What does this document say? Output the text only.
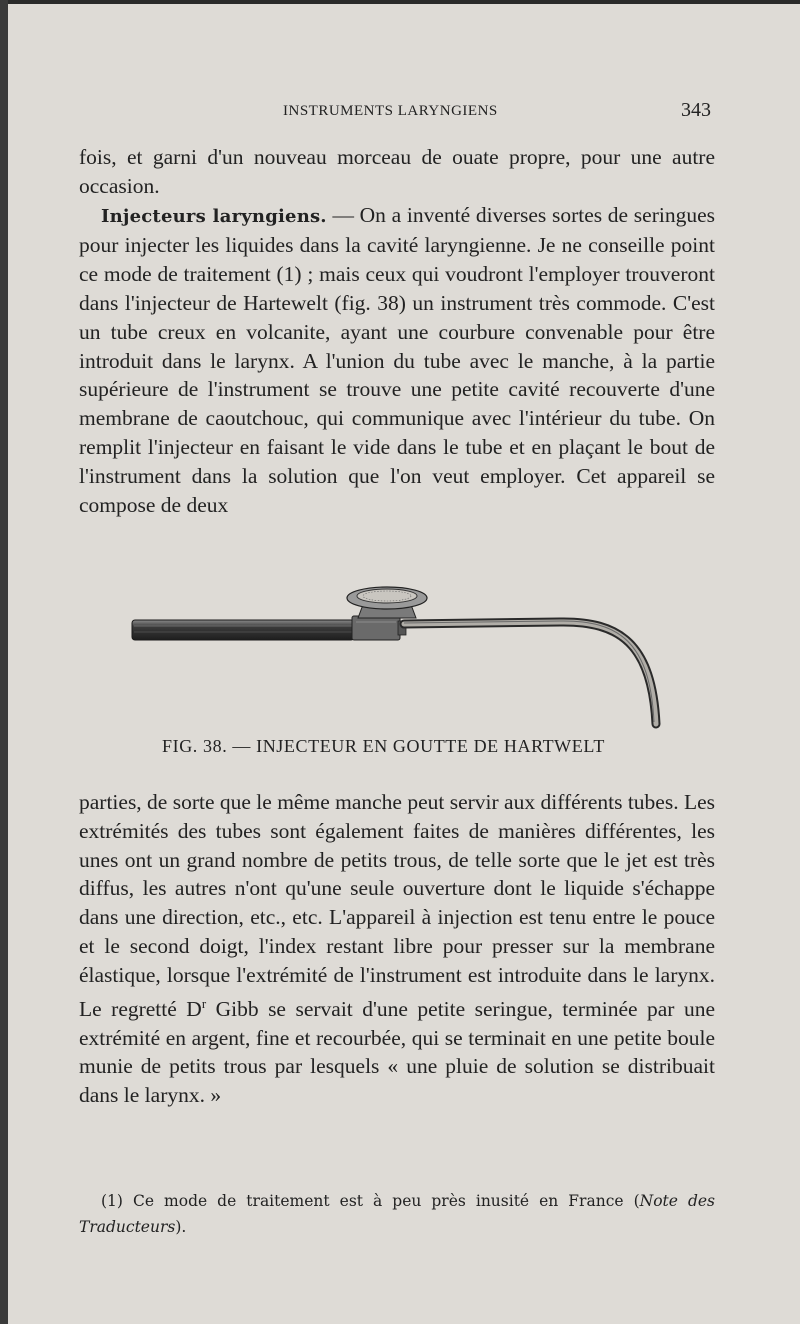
INSTRUMENTS LARYNGIENS	343

fois, et garni d'un nouveau morceau de ouate propre, pour une autre occasion.

Injecteurs laryngiens. — On a inventé diverses sortes de seringues pour injecter les liquides dans la cavité laryngienne. Je ne conseille point ce mode de traitement (1) ; mais ceux qui voudront l'employer trouveront dans l'injecteur de Hartewelt (fig. 38) un instrument très commode. C'est un tube creux en volcanite, ayant une courbure convenable pour être introduit dans le larynx. A l'union du tube avec le manche, à la partie supérieure de l'instrument se trouve une petite cavité recouverte d'une membrane de caoutchouc, qui communique avec l'intérieur du tube. On remplit l'injecteur en faisant le vide dans le tube et en plaçant le bout de l'instrument dans la solution que l'on veut employer. Cet appareil se compose de deux

FIG. 38. — INJECTEUR EN GOUTTE DE HARTWELT

parties, de sorte que le même manche peut servir aux différents tubes. Les extrémités des tubes sont également faites de manières différentes, les unes ont un grand nombre de petits trous, de telle sorte que le jet est très diffus, les autres n'ont qu'une seule ouverture dont le liquide s'échappe dans une direction, etc., etc. L'appareil à injection est tenu entre le pouce et le second doigt, l'index restant libre pour presser sur la membrane élastique, lorsque l'extrémité de l'instrument est introduite dans le larynx. Le regretté $D^r$ Gibb se servait d'une petite seringue, terminée par une extrémité en argent, fine et recourbée, qui se terminait en une petite boule munie de petits trous par lesquels « une pluie de solution se distribuait dans le larynx. »

(1) Ce mode de traitement est à peu près inusité en France (Note des Traducteurs).
